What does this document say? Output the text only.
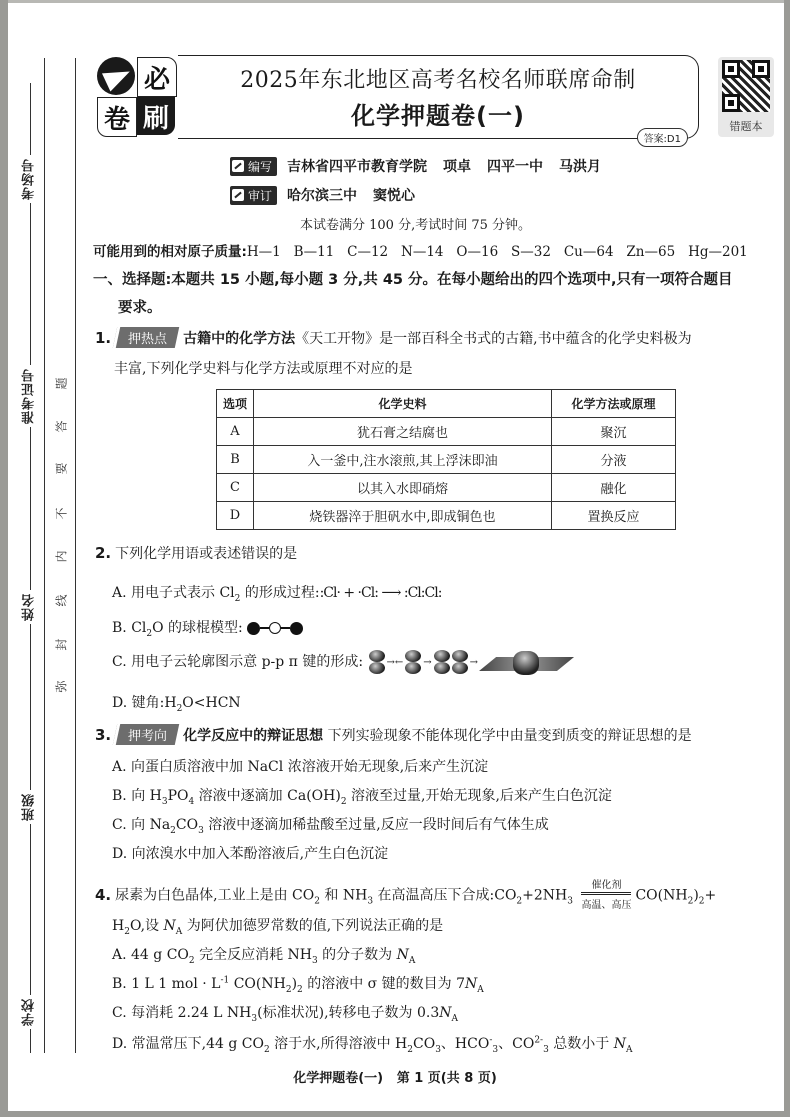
考场号
准考证号
姓名
班级
学校
答
题
要
不
内
线
封
弥
必
卷 刷
2025年东北地区高考名校名师联席命制
化学押题卷(一)
答案:D1
错题本
编写 吉林省四平市教育学院 项卓 四平一中 马洪月
审订 哈尔滨三中 窦悦心
本试卷满分 100 分,考试时间 75 分钟。
可能用到的相对原子质量:H—1 B—11 C—12 N—14 O—16 S—32 Cu—64 Zn—65 Hg—201
一、选择题:本题共 15 小题,每小题 3 分,共 45 分。在每小题给出的四个选项中,只有一项符合题目
要求。
1. 押热点 古籍中的化学方法《天工开物》是一部百科全书式的古籍,书中蕴含的化学史料极为
丰富,下列化学史料与化学方法或原理不对应的是
选项	化学史料	化学方法或原理
A	犹石膏之结腐也	聚沉
B	入一釜中,注水滚煎,其上浮沫即油	分液
C	以其入水即硝熔	融化
D	烧铁器淬于胆矾水中,即成铜色也	置换反应
2. 下列化学用语或表述错误的是
A. 用电子式表示 $Cl_2$ 的形成过程::Cl· + ·Cl: ⟶ :Cl:Cl:
B. $Cl_2O$ 的球棍模型:
C. 用电子云轮廓图示意 p-p π 键的形成: →← →	→
D. 键角$:H_2O<HCN$
3. 押考向 化学反应中的辩证思想 下列实验现象不能体现化学中由量变到质变的辩证思想的是
A. 向蛋白质溶液中加 NaCl 浓溶液开始无现象,后来产生沉淀
B. 向 $H_3PO_4$ 溶液中逐滴加 $Ca(OH)_2$ 溶液至过量,开始无现象,后来产生白色沉淀
C. 向 $Na_2CO_3$ 溶液中逐滴加稀盐酸至过量,反应一段时间后有气体生成
D. 向浓溴水中加入苯酚溶液后,产生白色沉淀
4. 尿素为白色晶体,工业上是由 $CO_2$ 和 $NH_3$ 在高温高压下合成$:CO_2+2NH_3$
催化剂
高温、高压
$CO(NH_2)_2+$
$H_2O$,设 $N_A$ 为阿伏加德罗常数的值,下列说法正确的是
A. 44 g $CO_2$ 完全反应消耗 $NH_3$ 的分子数为 $N_A$
B. 1 L 1 mol · $L^{-1}$ $CO(NH_2)_2$ 的溶液中 σ 键的数目为 $7N_A$
C. 每消耗 2.24 L $NH_3$(标准状况),转移电子数为 $0.3N_A$
D. 常温常压下,44 g $CO_2$ 溶于水,所得溶液中 $H_2CO_3$、$HCO^-_3$、$CO^{2-}_3$ 总数小于 $N_A$
化学押题卷(一) 第 1 页(共 8 页)
